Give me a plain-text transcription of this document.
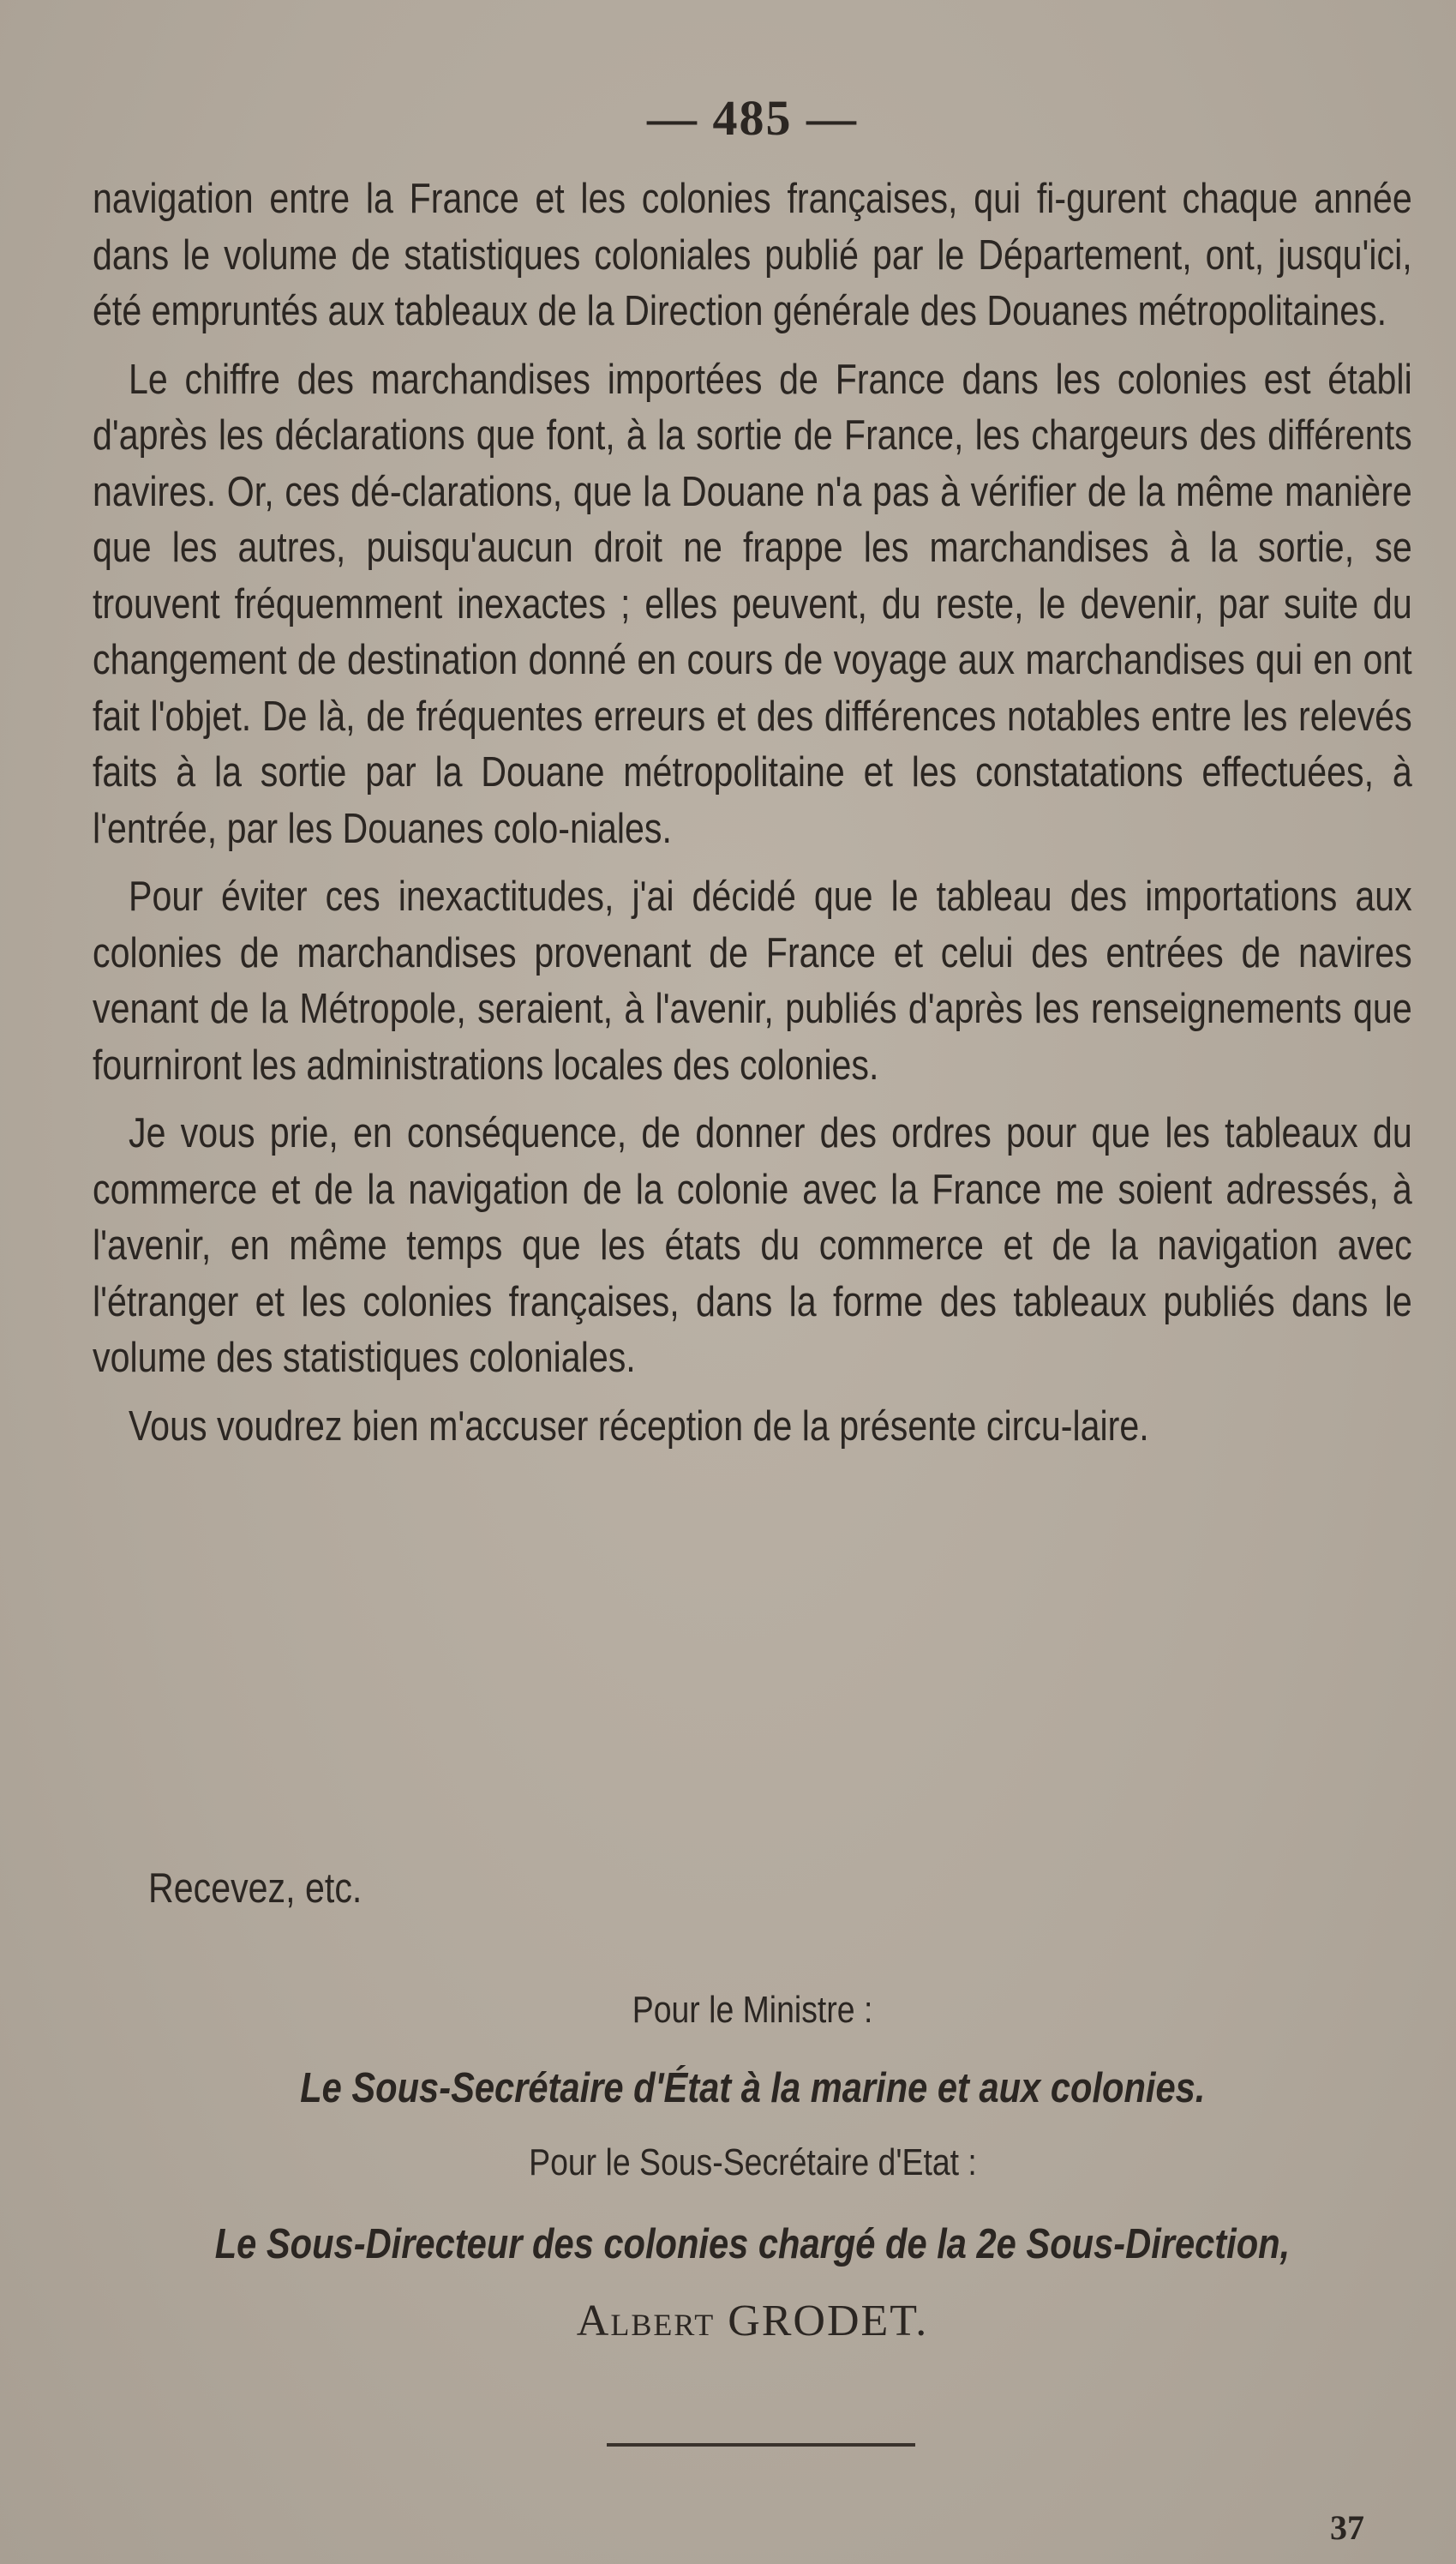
— 485 —

navigation entre la France et les colonies françaises, qui fi-gurent chaque année dans le volume de statistiques coloniales publié par le Département, ont, jusqu'ici, été empruntés aux tableaux de la Direction générale des Douanes métropolitaines.

Le chiffre des marchandises importées de France dans les colonies est établi d'après les déclarations que font, à la sortie de France, les chargeurs des différents navires. Or, ces dé-clarations, que la Douane n'a pas à vérifier de la même manière que les autres, puisqu'aucun droit ne frappe les marchandises à la sortie, se trouvent fréquemment inexactes ; elles peuvent, du reste, le devenir, par suite du changement de destination donné en cours de voyage aux marchandises qui en ont fait l'objet. De là, de fréquentes erreurs et des différences notables entre les relevés faits à la sortie par la Douane métropolitaine et les constatations effectuées, à l'entrée, par les Douanes colo-niales.

Pour éviter ces inexactitudes, j'ai décidé que le tableau des importations aux colonies de marchandises provenant de France et celui des entrées de navires venant de la Métropole, seraient, à l'avenir, publiés d'après les renseignements que fourniront les administrations locales des colonies.

Je vous prie, en conséquence, de donner des ordres pour que les tableaux du commerce et de la navigation de la colonie avec la France me soient adressés, à l'avenir, en même temps que les états du commerce et de la navigation avec l'étranger et les colonies françaises, dans la forme des tableaux publiés dans le volume des statistiques coloniales.

Vous voudrez bien m'accuser réception de la présente circu-laire.

Recevez, etc.
Pour le Ministre :
Le Sous-Secrétaire d'État à la marine et aux colonies.
Pour le Sous-Secrétaire d'Etat :
Le Sous-Directeur des colonies chargé de la 2e Sous-Direction,
Albert GRODET.
37
